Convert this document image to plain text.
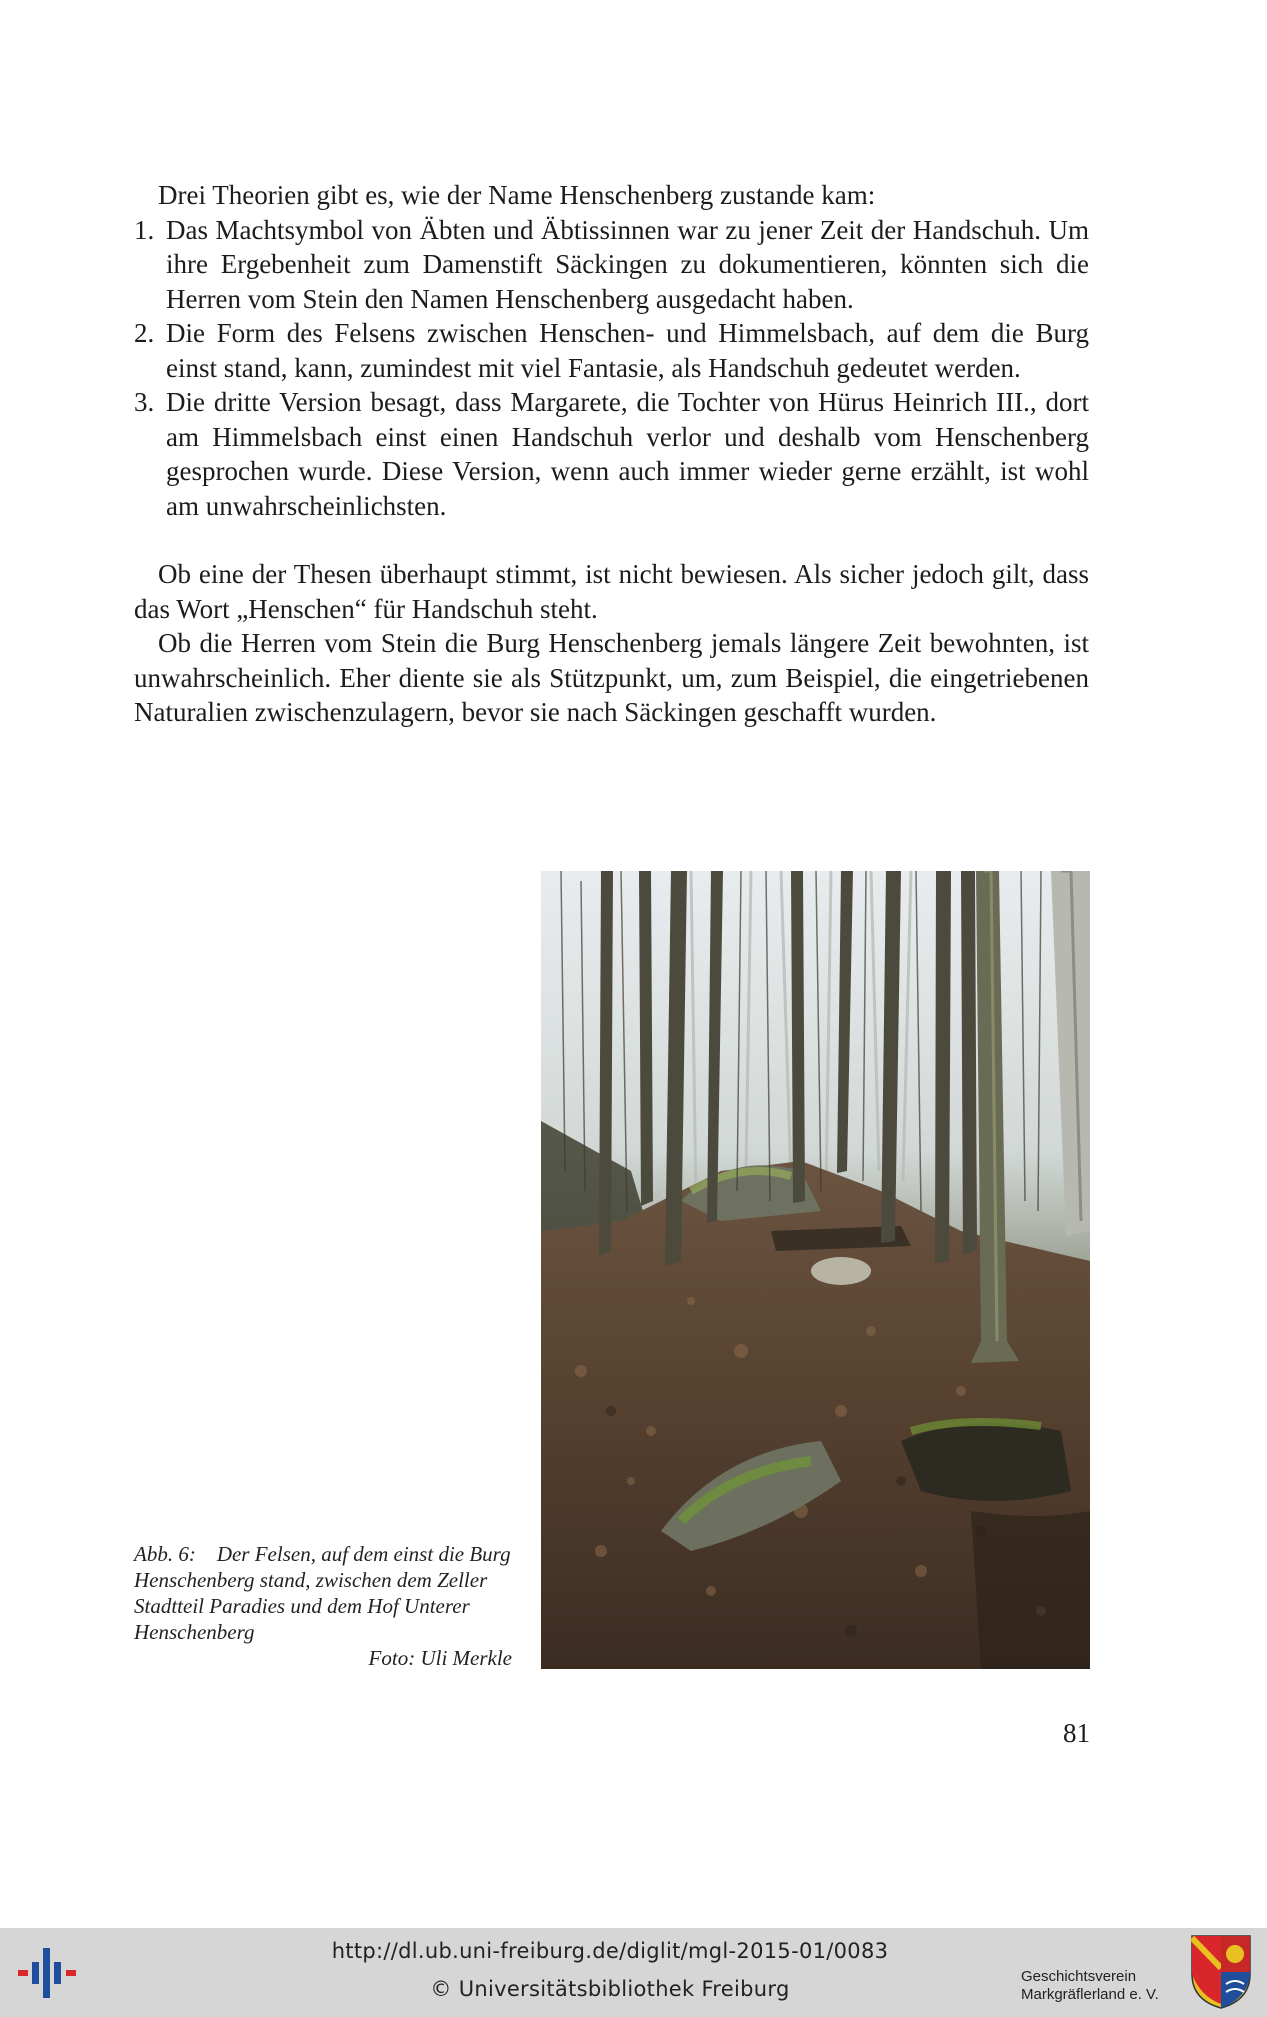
Drei Theorien gibt es, wie der Name Henschenberg zustande kam:

1. Das Machtsymbol von Äbten und Äbtissinnen war zu jener Zeit der Handschuh. Um ihre Ergebenheit zum Damenstift Säckingen zu dokumentieren, könnten sich die Herren vom Stein den Namen Henschenberg ausgedacht haben.
2. Die Form des Felsens zwischen Henschen- und Himmelsbach, auf dem die Burg einst stand, kann, zumindest mit viel Fantasie, als Handschuh gedeutet werden.
3. Die dritte Version besagt, dass Margarete, die Tochter von Hürus Heinrich III., dort am Himmelsbach einst einen Handschuh verlor und deshalb vom Henschenberg gesprochen wurde. Diese Version, wenn auch immer wieder gerne erzählt, ist wohl am unwahrscheinlichsten.

Ob eine der Thesen überhaupt stimmt, ist nicht bewiesen. Als sicher jedoch gilt, dass das Wort „Henschen“ für Handschuh steht.

Ob die Herren vom Stein die Burg Henschenberg jemals längere Zeit bewohnten, ist unwahrscheinlich. Eher diente sie als Stützpunkt, um, zum Beispiel, die eingetriebenen Naturalien zwischenzulagern, bevor sie nach Säckingen geschafft wurden.

Abb. 6:    Der Felsen, auf dem einst die Burg Henschenberg stand, zwischen dem Zeller Stadtteil Paradies und dem Hof Unterer Henschenberg
Foto: Uli Merkle
81
http://dl.ub.uni-freiburg.de/diglit/mgl-2015-01/0083
© Universitätsbibliothek Freiburg
Geschichtsverein
Markgräflerland e. V.
